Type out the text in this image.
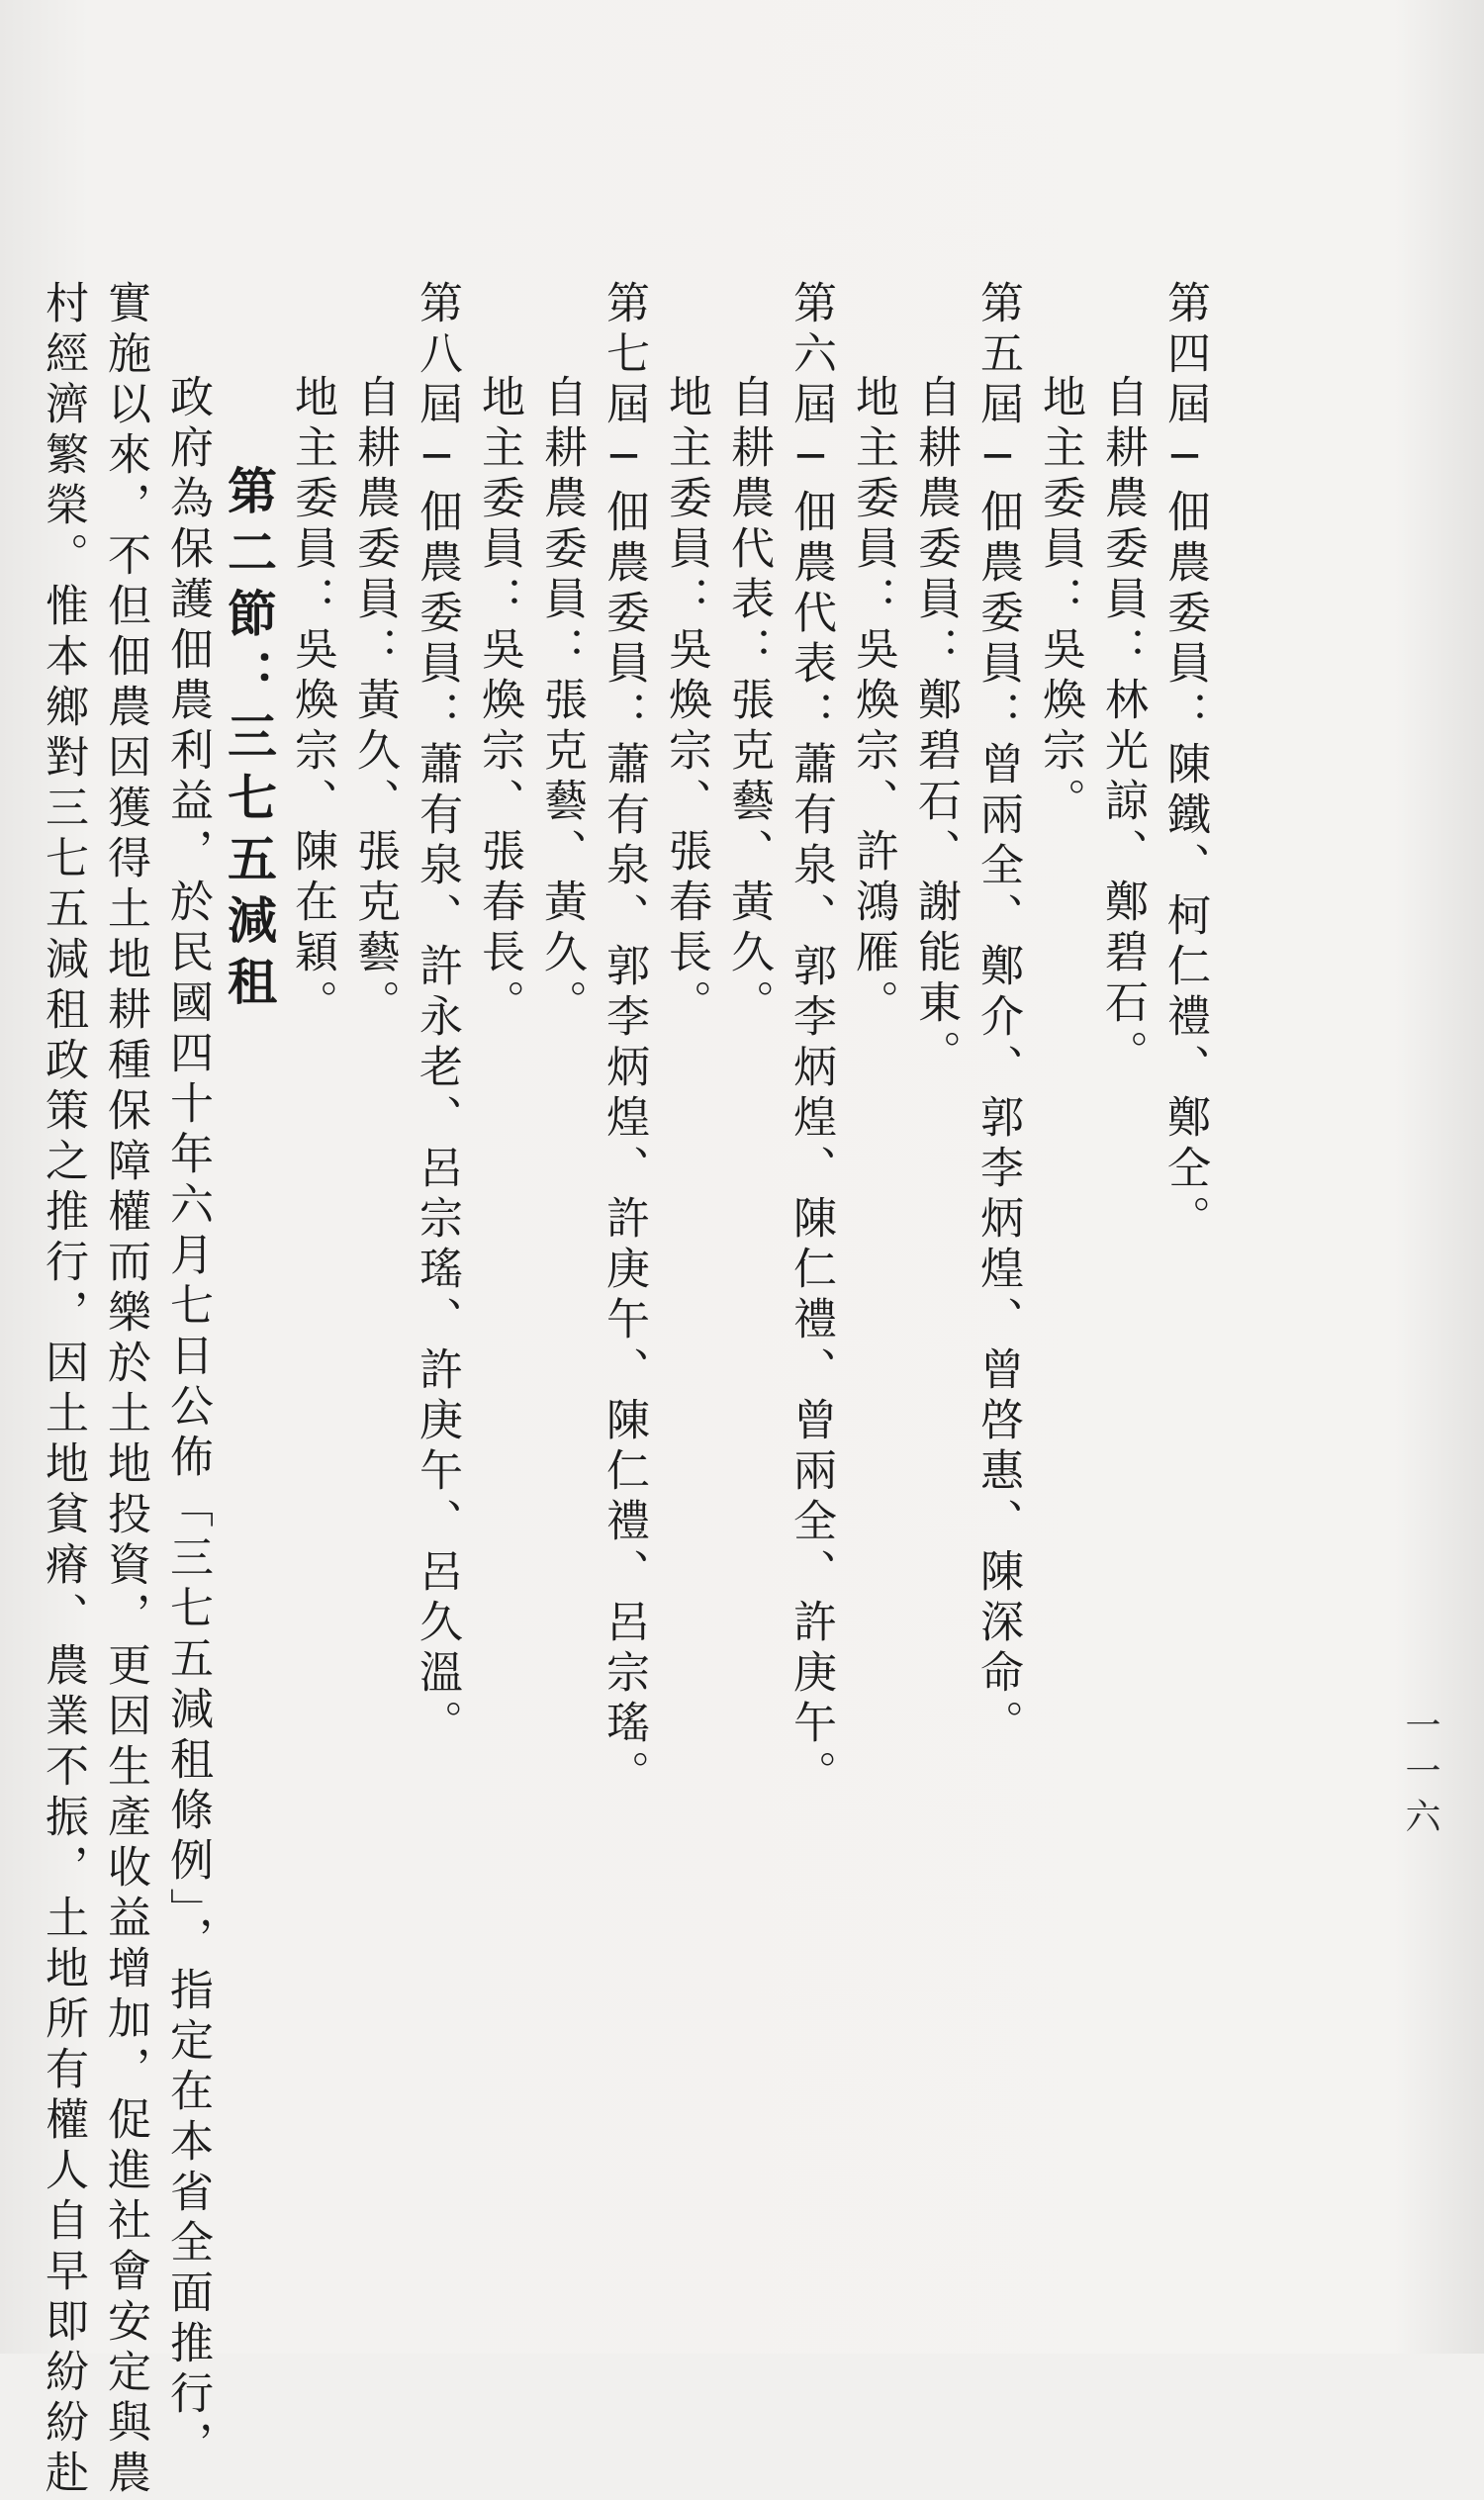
一一六
第四屆─佃農委員：陳鐵、柯仁禮、鄭仝。
自耕農委員：林光諒、鄭碧石。
地主委員：吳煥宗。
第五屆─佃農委員：曾兩全、鄭介、郭李炳煌、曾啓惠、陳深命。
自耕農委員：鄭碧石、謝能東。
地主委員：吳煥宗、許鴻雁。
第六屆─佃農代表：蕭有泉、郭李炳煌、陳仁禮、曾兩全、許庚午。
自耕農代表：張克藝、黃久。
地主委員：吳煥宗、張春長。
第七屆─佃農委員：蕭有泉、郭李炳煌、許庚午、陳仁禮、呂宗瑤。
自耕農委員：張克藝、黃久。
地主委員：吳煥宗、張春長。
第八屆─佃農委員：蕭有泉、許永老、呂宗瑤、許庚午、呂久溫。
自耕農委員：黃久、張克藝。
地主委員：吳煥宗、陳在穎。
第二節：三七五減租
政府為保護佃農利益，於民國四十年六月七日公佈「三七五減租條例」，指定在本省全面推行，
實施以來，不但佃農因獲得土地耕種保障權而樂於土地投資，更因生產收益增加，促進社會安定與農
村經濟繁榮。惟本鄉對三七五減租政策之推行，因土地貧瘠、農業不振，土地所有權人自早即紛紛赴
